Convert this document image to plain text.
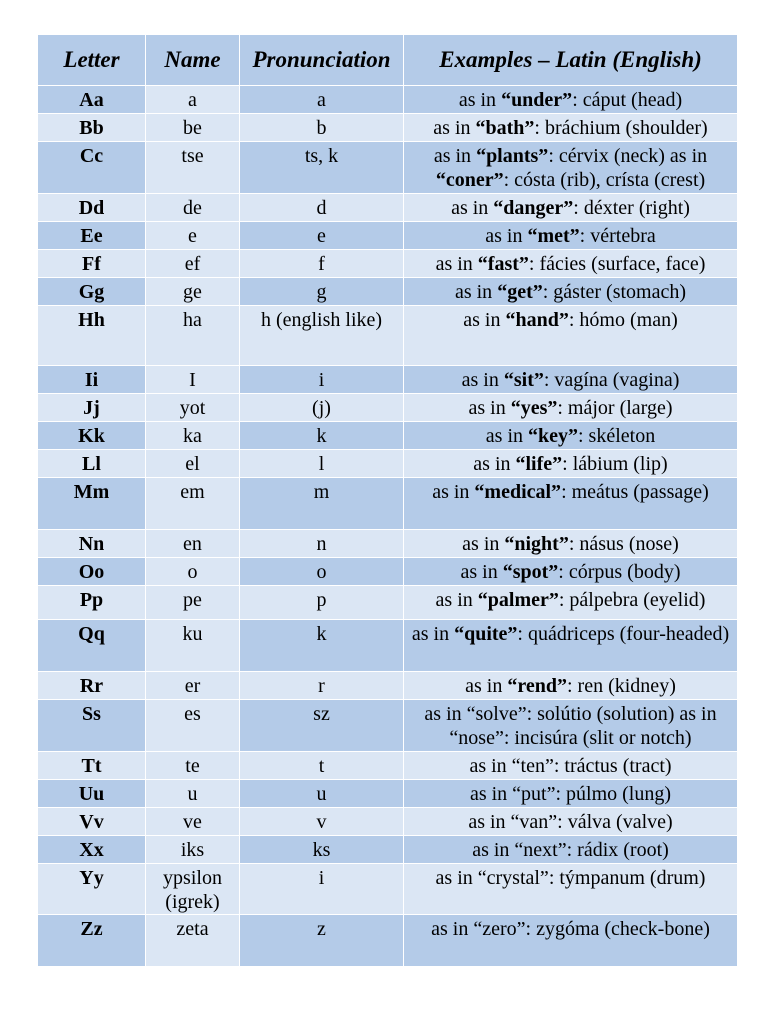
Letter	Name	Pronunciation	Examples – Latin (English)
Aa	a	a	as in “under”: cáput (head)
Bb	be	b	as in “bath”: bráchium (shoulder)
Cc	tse	ts, k	as in “plants”: cérvix (neck) as in “coner”: cósta (rib), crísta (crest)
Dd	de	d	as in “danger”: déxter (right)
Ee	e	e	as in “met”: vértebra
Ff	ef	f	as in “fast”: fácies (surface, face)
Gg	ge	g	as in “get”: gáster (stomach)
Hh	ha	h (english like)	as in “hand”: hómo (man)
Ii	I	i	as in “sit”: vagína (vagina)
Jj	yot	(j)	as in “yes”: májor (large)
Kk	ka	k	as in “key”: skéleton
Ll	el	l	as in “life”: lábium (lip)
Mm	em	m	as in “medical”: meátus (passage)
Nn	en	n	as in “night”: násus (nose)
Oo	o	o	as in “spot”: córpus (body)
Pp	pe	p	as in “palmer”: pálpebra (eyelid)
Qq	ku	k	as in “quite”: quádriceps (four-headed)
Rr	er	r	as in “rend”: ren (kidney)
Ss	es	sz	as in “solve”: solútio (solution) as in “nose”: incisúra (slit or notch)
Tt	te	t	as in “ten”: tráctus (tract)
Uu	u	u	as in “put”: púlmo (lung)
Vv	ve	v	as in “van”: válva (valve)
Xx	iks	ks	as in “next”: rádix (root)
Yy	ypsilon (igrek)	i	as in “crystal”: týmpanum (drum)
Zz	zeta	z	as in “zero”: zygóma (check-bone)
